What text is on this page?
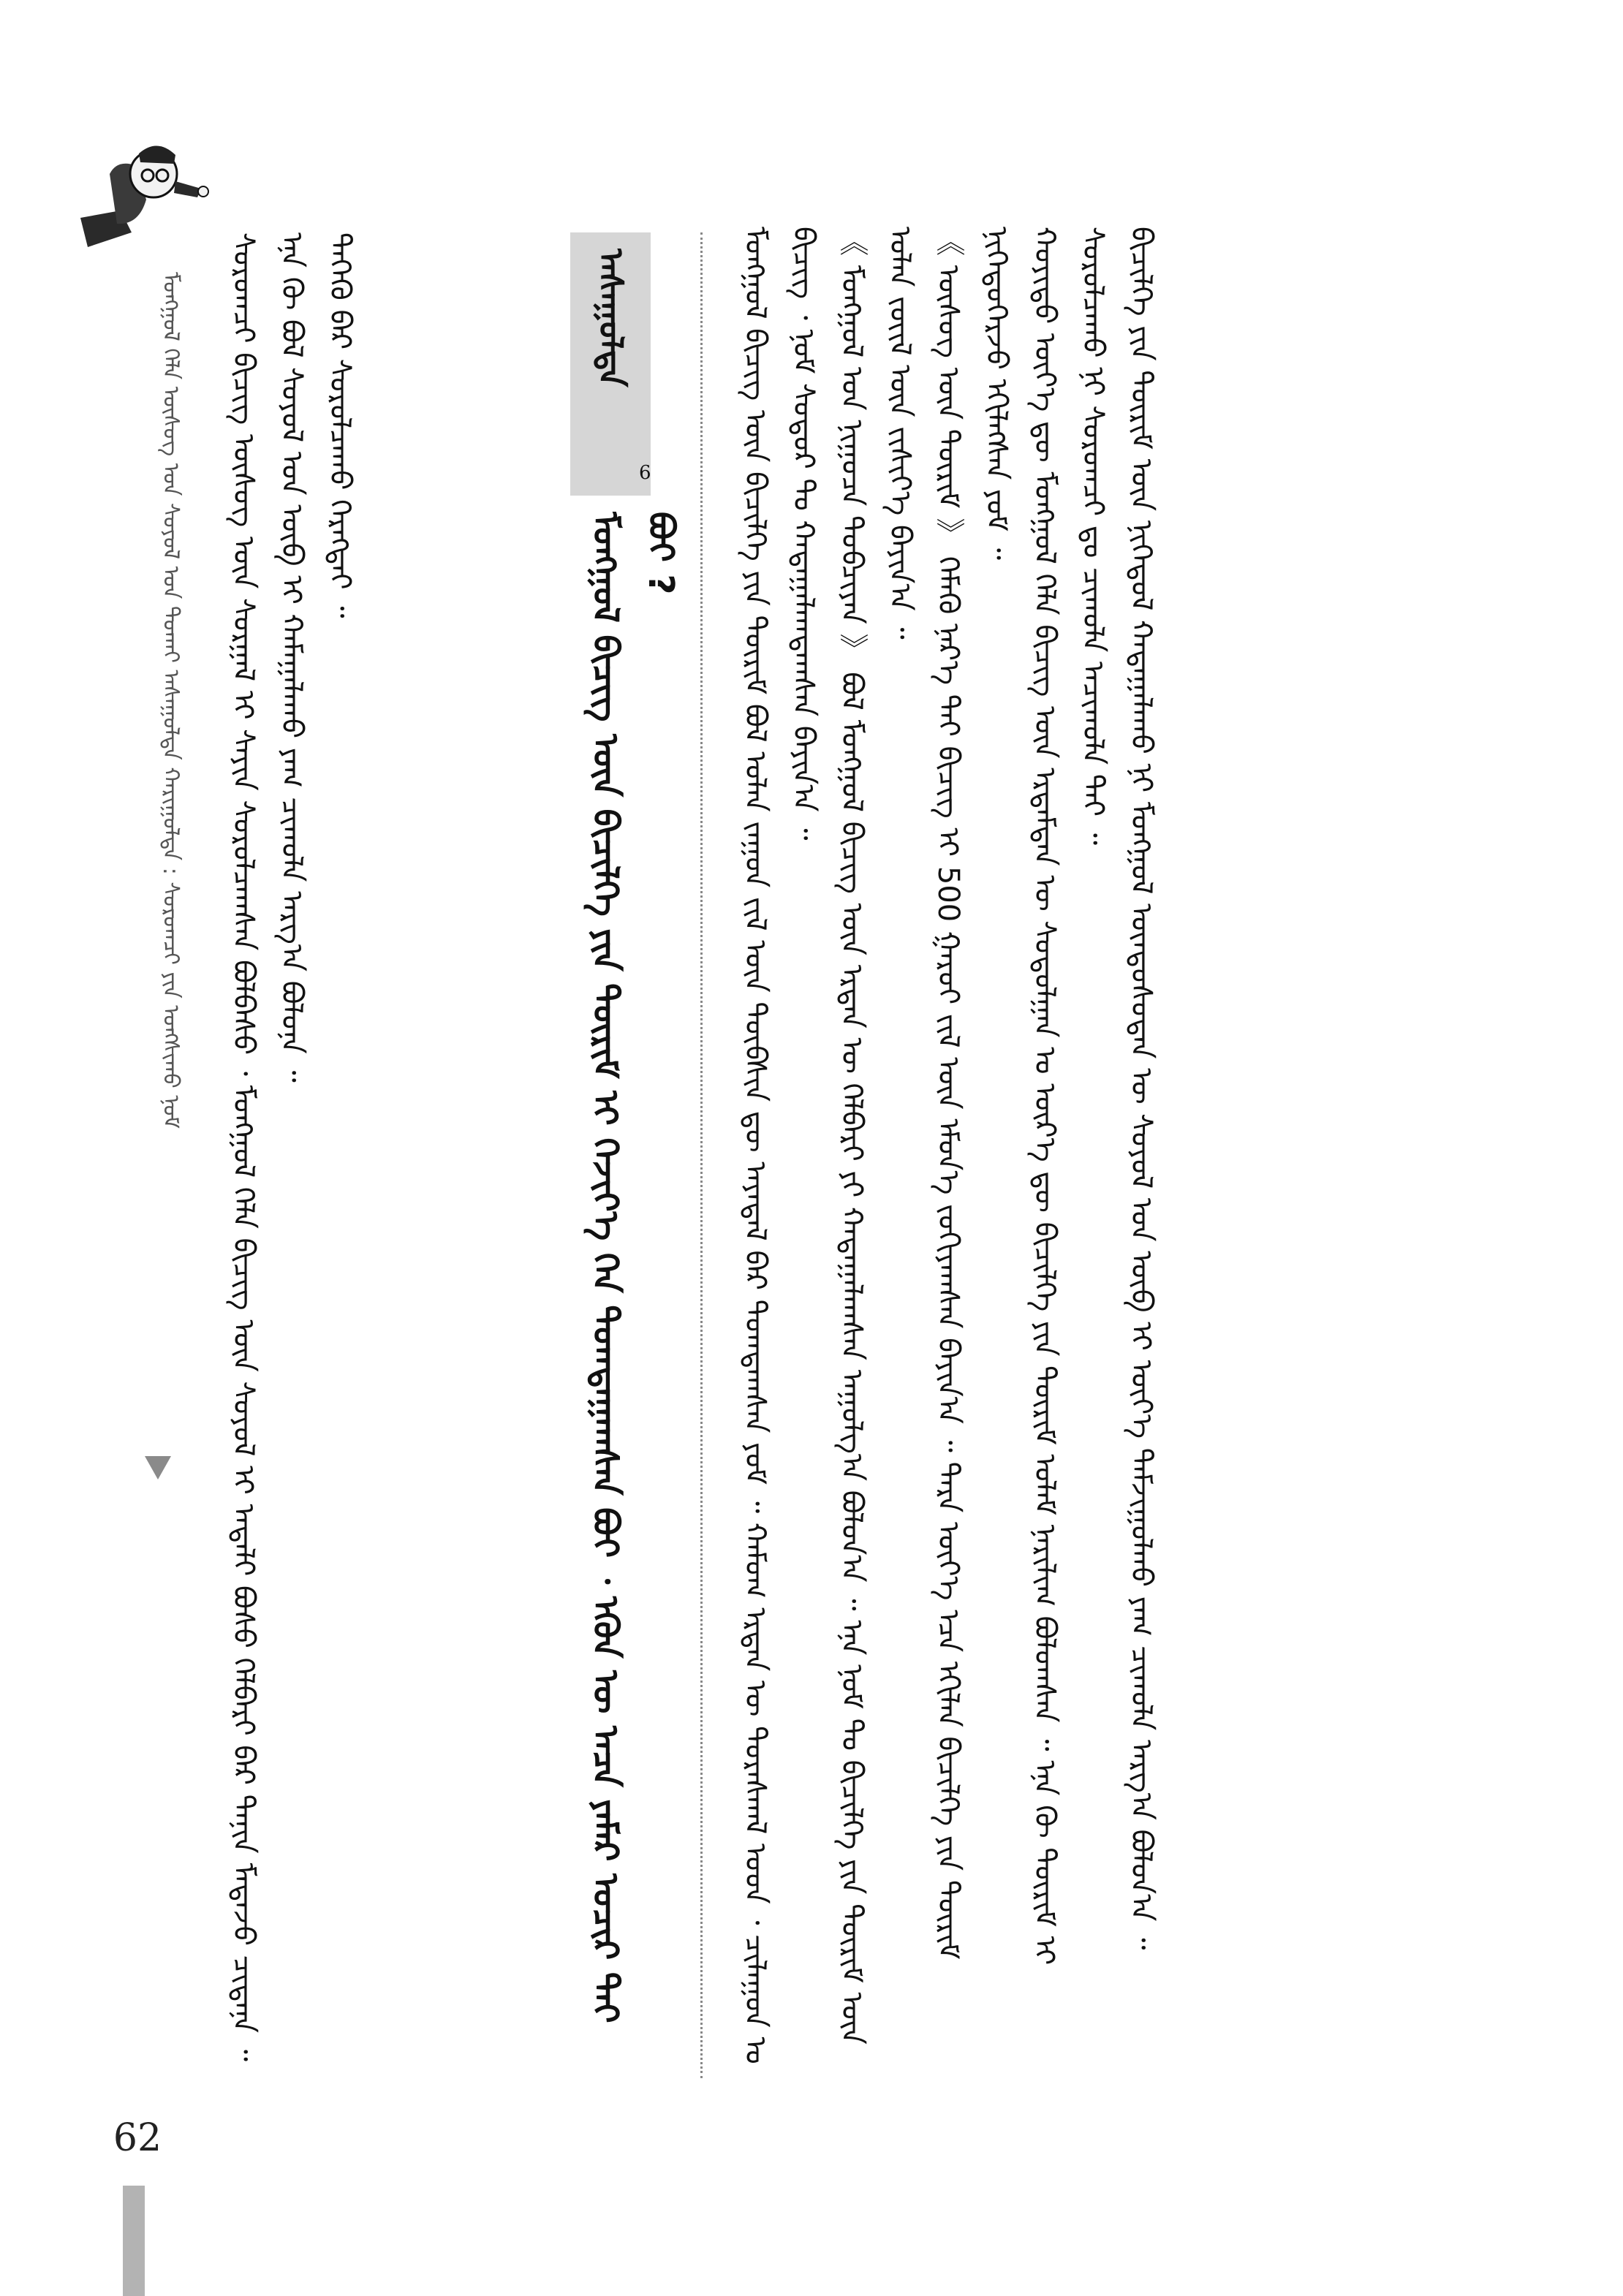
ᠮᠣᠩᠭᠣᠯ ᠬᠡᠯᠡ ᠦᠰᠦᠭ ᠤᠨ ᠰᠣᠶᠣᠯ ᠤᠨ ᠲᠤᠬᠠᠢ ᠠᠰᠠᠭᠤᠯᠲᠠ ᠬᠠᠷᠢᠭᠤᠯᠲᠠ : ᠰᠤᠷᠤᠭᠴᠢ ᠶᠢᠨ ᠤᠩᠰᠢᠬᠤ ᠨᠣᠮ ᠰᠤᠷᠤᠭᠴᠢ ᠪᠢᠴᠢᠭ ᠦᠰᠦᠭ ᠦᠨ ᠰᠤᠷᠭᠠᠯ ᠢ ᠰᠠᠶᠢᠨ ᠰᠤᠷᠤᠯᠴᠠᠭᠰᠠᠨ ᠪᠣᠯᠪᠠᠰᠤ ᠂ ᠮᠣᠩᠭᠣᠯ ᠬᠡᠯᠡ ᠪᠢᠴᠢᠭ ᠦᠨ ᠰᠣᠶᠣᠯ ᠢ ᠠᠳᠠᠯᠢ ᠪᠤᠰᠤ ᠬᠡᠯᠪᠡᠷᠢ ᠪᠡᠷ ᠲᠠᠨᠢᠨ ᠮᠡᠳᠡᠵᠦ ᠴᠢᠳᠠᠨᠠ ᠃ ᠡᠨᠡ ᠬᠦ ᠪᠣᠯ ᠰᠣᠶᠣᠯ ᠤᠨ ᠥᠪ ᠢ ᠬᠠᠮᠠᠭᠠᠯᠠᠬᠤ ᠶᠠᠭ ᠴᠢᠬᠤᠯᠠ ᠠᠷᠭ᠎ᠠ ᠪᠣᠯᠤᠨᠠ ᠃ ᠲᠡᠭᠡᠬᠦ ᠪᠡᠷ ᠰᠤᠷᠤᠯᠴᠠᠬᠤ ᠬᠡᠷᠡᠭᠲᠡᠢ ᠃	ᠠᠰᠠᠭᠤᠯᠲᠠ
6
ᠮᠣᠩᠭᠣᠯ ᠪᠢᠴᠢᠭ ᠦᠨ ᠪᠢᠴᠢᠯᠭᠡ ᠶᠢᠨ ᠳᠦᠷᠢᠮ ᠢ ᠬᠡᠵᠢᠶ᠎ᠡ ᠬᠡᠨ ᠲᠣᠭᠲᠠᠭᠠᠭᠰᠠᠨ ᠪᠤᠢ ᠂ ᠡᠭᠦᠨ ᠦ ᠠᠴᠠ ᠶᠠᠮᠠᠷ ᠤᠴᠢᠷ ᠲᠠᠢ ᠪᠤᠢ ?	ᠮᠣᠩᠭᠣᠯ ᠪᠢᠴᠢᠭ ᠦᠨ ᠪᠢᠴᠢᠯᠭᠡ ᠶᠢᠨ ᠳᠦᠷᠢᠮ ᠪᠣᠯ ᠣᠯᠠᠨ ᠵᠠᠭᠤᠨ ᠵᠢᠯ ᠦᠨ ᠲᠦᠪᠰᠢᠨ ᠳᠦ ᠠᠶᠠᠳᠠᠯ ᠪᠡᠷ ᠲᠣᠭᠲᠠᠭᠰᠠᠨ ᠶᠤᠮ ᠃ ᠬᠠᠮᠤᠭ ᠡᠷᠲᠡᠨ ᠦ ᠳᠤᠷᠠᠰᠬᠠᠯ ᠤᠳ ᠂ ᠴᠢᠯᠠᠭᠤᠨ ᠤ ᠪᠢᠴᠢᠭ ᠂ ᠨᠣᠮ ᠰᠤᠳᠤᠷ ᠲᠤ ᠬᠠᠳᠠᠭᠠᠯᠠᠭᠳᠠᠭᠰᠠᠨ ᠪᠠᠶᠢᠨ᠎ᠠ ᠃ 《 ᠮᠣᠩᠭᠣᠯ ᠤᠨ ᠨᠢᠭᠤᠴᠠ ᠲᠣᠪᠴᠢᠶᠠᠨ 》 ᠪᠣᠯ ᠮᠣᠩᠭᠣᠯ ᠪᠢᠴᠢᠭ ᠦᠨ ᠡᠷᠲᠡᠨ ᠦ ᠬᠡᠯᠪᠡᠷᠢ ᠶᠢ ᠬᠠᠳᠠᠭᠠᠯᠠᠭᠰᠠᠨ ᠠᠭᠤᠯᠭ᠎ᠠ ᠪᠣᠯᠤᠨ᠎ᠠ ᠃ ᠡᠨᠡ ᠨᠣᠮ ᠲᠤ ᠪᠢᠴᠢᠯᠭᠡ ᠶᠢᠨ ᠳᠦᠷᠢᠮ ᠦᠨ ᠣᠯᠠᠨ ᠵᠦᠢᠯ ᠦᠨ ᠵᠢᠱᠢᠶ᠎ᠡ ᠪᠠᠶᠢᠨ᠎ᠠ ᠃ 《 ᠦᠰᠦᠭ ᠦᠨ ᠳᠦᠷᠢᠮ 》 ᠬᠡᠮᠡᠬᠦ ᠨᠡᠷ᠎ᠡ ᠲᠠᠢ ᠪᠢᠴᠢᠭ ᠢ 500 ᠭᠠᠷᠤᠢ ᠵᠢᠯ ᠦᠨ ᠡᠮᠦᠨ᠎ᠡ ᠵᠣᠬᠢᠶᠠᠭᠰᠠᠨ ᠪᠠᠶᠢᠨ᠎ᠠ ᠃ ᠲᠡᠷᠡ ᠦᠶ᠎ᠡ ᠡᠴᠡ ᠡᠬᠢᠯᠡᠨ ᠪᠢᠴᠢᠯᠭᠡ ᠶᠢᠨ ᠳᠦᠷᠢᠮ ᠨᠢᠭᠡᠳᠦᠭᠡᠷᠵᠦ ᠡᠬᠢᠯᠡᠭᠰᠡᠨ ᠶᠤᠮ ᠃ ᠬᠣᠶᠢᠲᠤ ᠦᠶ᠎ᠡ ᠳᠦ ᠮᠣᠩᠭᠣᠯ ᠬᠡᠯᠡ ᠪᠢᠴᠢᠭ ᠦᠨ ᠡᠷᠳᠡᠮᠲᠡᠨ ᠦ ᠰᠤᠳᠤᠯᠭᠠᠨ ᠤ ᠦᠷ᠎ᠡ ᠳᠦ ᠪᠢᠴᠢᠯᠭᠡ ᠶᠢᠨ ᠳᠦᠷᠢᠮ ᠤᠯᠠᠮ ᠨᠠᠷᠢᠯᠢᠭ ᠪᠣᠯᠤᠭᠰᠠᠨ ᠃ ᠡᠨᠡ ᠬᠦ ᠳᠦᠷᠢᠮ ᠢ ᠰᠤᠷᠤᠯᠴᠠᠬᠤ ᠨᠢ ᠰᠤᠷᠤᠭᠴᠢ ᠳᠤ ᠴᠢᠬᠤᠯᠠ ᠠᠴᠢᠬᠤᠯᠠ ᠲᠠᠢ ᠃ ᠪᠢᠴᠢᠯᠭᠡ ᠶᠢᠨ ᠳᠦᠷᠢᠮ ᠦᠨ ᠨᠢᠭᠡᠳᠦᠯ ᠬᠠᠳᠠᠭᠠᠯᠠᠬᠤ ᠨᠢ ᠮᠣᠩᠭᠣᠯ ᠦᠨᠳᠦᠰᠦᠲᠡᠨ ᠦ ᠰᠣᠶᠣᠯ ᠤᠨ ᠥᠪ ᠢ ᠦᠶ᠎ᠡ ᠳᠠᠮᠵᠢᠭᠤᠯᠬᠤ ᠶᠠᠭ ᠴᠢᠬᠤᠯᠠ ᠠᠷᠭ᠎ᠠ ᠪᠣᠯᠤᠨ᠎ᠠ ᠃

62
